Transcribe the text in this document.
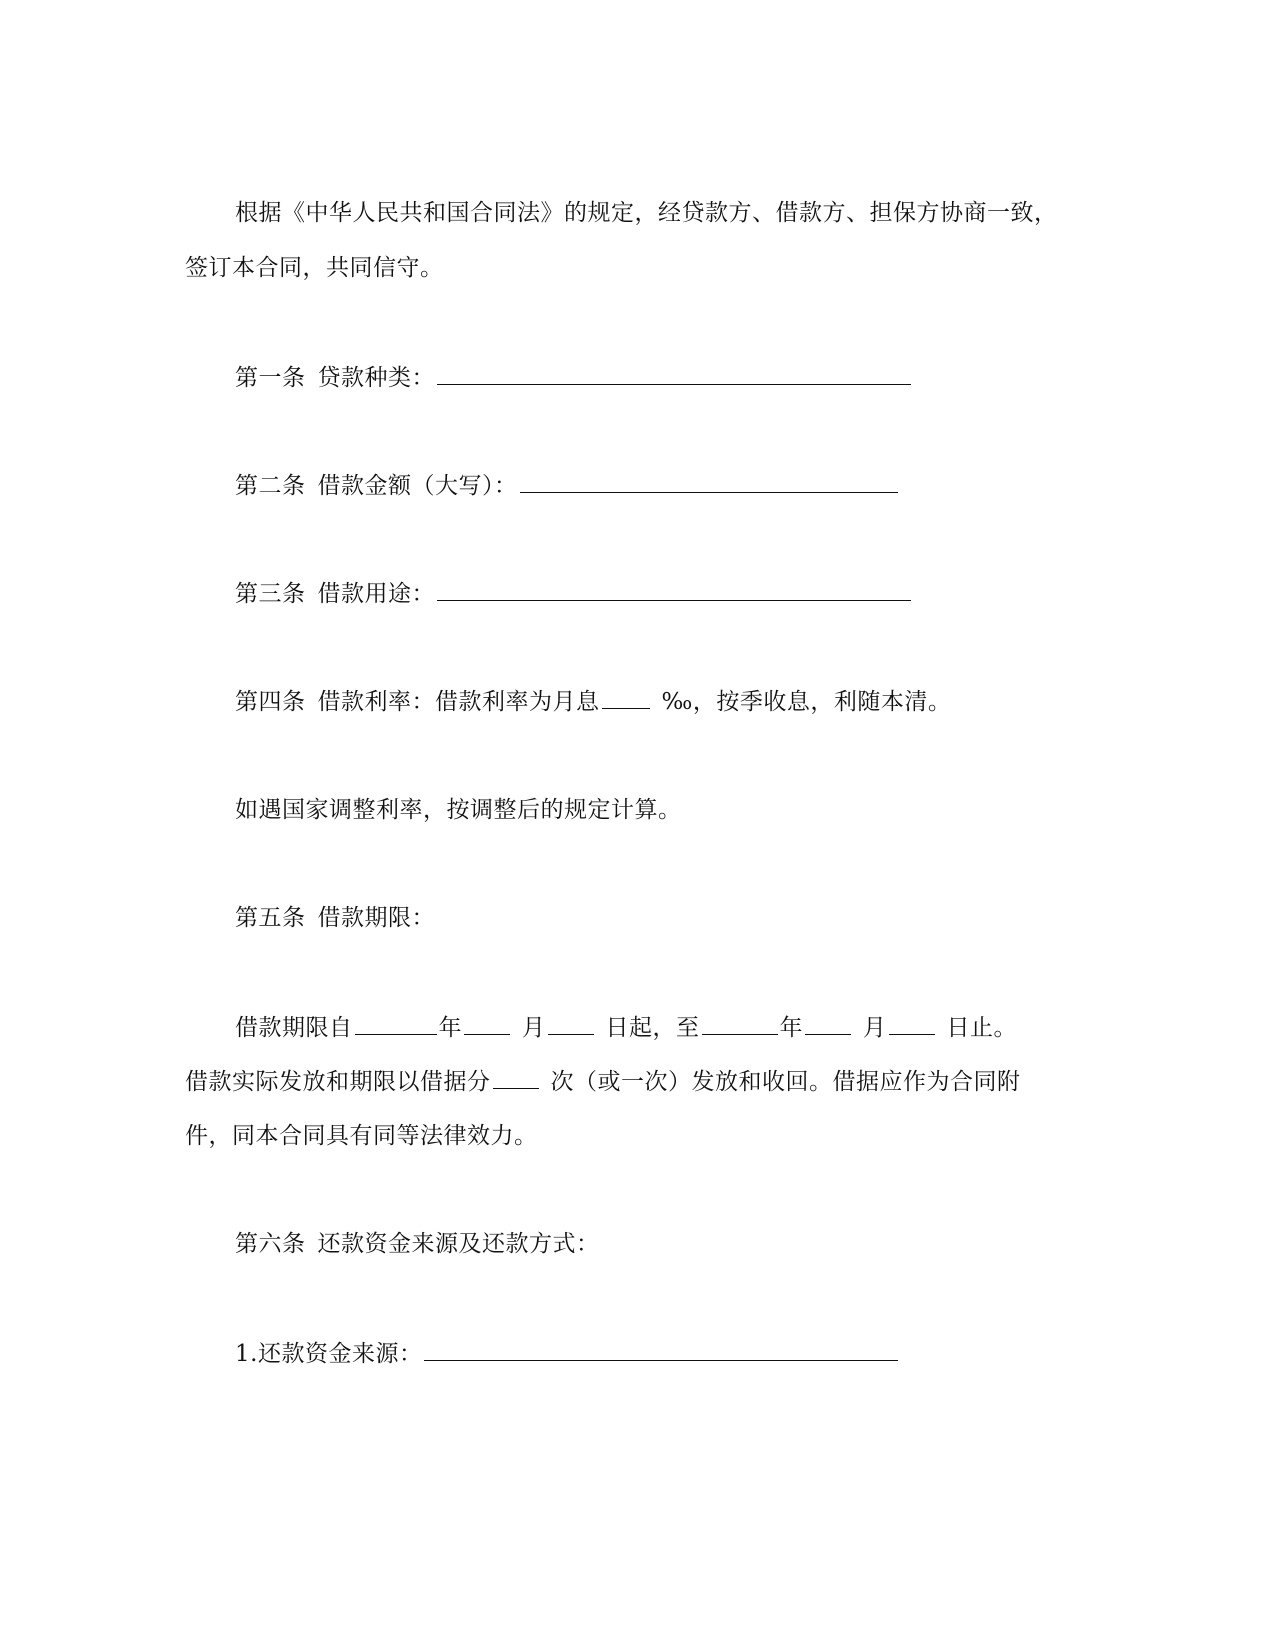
根据《中华人民共和国合同法》的规定，经贷款方、借款方、担保方协商一致，
签订本合同，共同信守。
第一条 贷款种类：
第二条 借款金额（大写）：
第三条 借款用途：
第四条 借款利率：借款利率为月息	‰，按季收息，利随本清。
如遇国家调整利率，按调整后的规定计算。
第五条 借款期限：
借款期限自	年	月	日起，至	年	月	日止。
借款实际发放和期限以借据分	次（或一次）发放和收回。借据应作为合同附
件，同本合同具有同等法律效力。
第六条 还款资金来源及还款方式：
1.还款资金来源：
